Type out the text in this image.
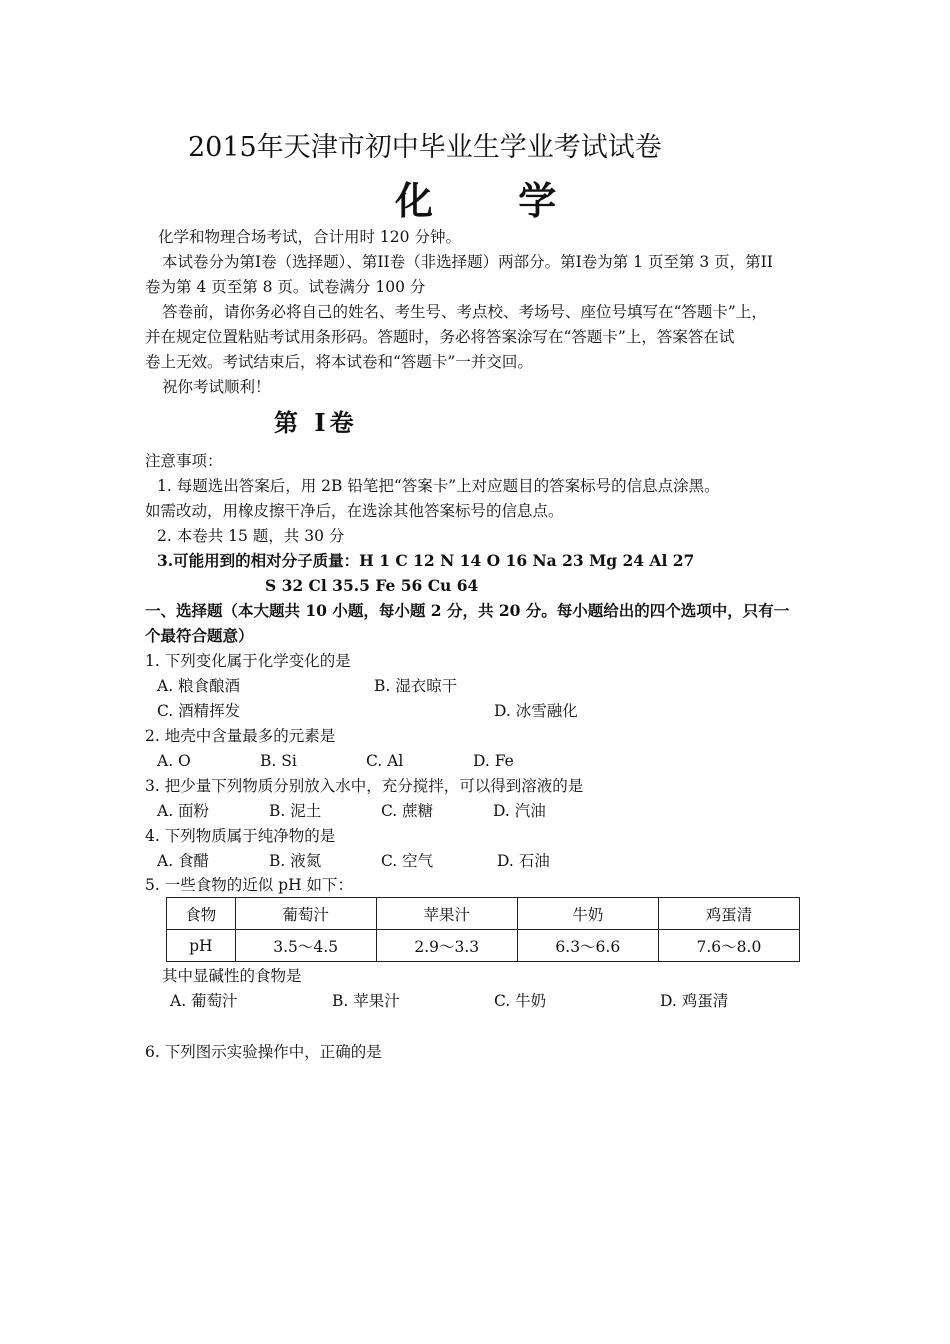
2015年天津市初中毕业生学业考试试卷
化 学
化学和物理合场考试，合计用时 120 分钟。
本试卷分为第I卷（选择题）、第II卷（非选择题）两部分。第I卷为第 1 页至第 3 页，第II
卷为第 4 页至第 8 页。试卷满分 100 分
答卷前，请你务必将自己的姓名、考生号、考点校、考场号、座位号填写在“答题卡”上，
并在规定位置粘贴考试用条形码。答题时，务必将答案涂写在“答题卡”上，答案答在试
卷上无效。考试结束后，将本试卷和“答题卡”一并交回。
祝你考试顺利！
第 I卷
注意事项：
1. 每题选出答案后，用 2B 铅笔把“答案卡”上对应题目的答案标号的信息点涂黑。
如需改动，用橡皮擦干净后，在选涂其他答案标号的信息点。
2. 本卷共 15 题，共 30 分
3.可能用到的相对分子质量：H 1 C 12 N 14 O 16 Na 23 Mg 24 Al 27
S 32 Cl 35.5 Fe 56 Cu 64
一、选择题（本大题共 10 小题，每小题 2 分，共 20 分。每小题给出的四个选项中，只有一
个最符合题意）
1. 下列变化属于化学变化的是
A. 粮食酿酒	B. 湿衣晾干
C. 酒精挥发	D. 冰雪融化
2. 地壳中含量最多的元素是
A. O	B. Si	C. Al	D. Fe
3. 把少量下列物质分别放入水中，充分搅拌，可以得到溶液的是
A. 面粉	B. 泥土	C. 蔗糖	D. 汽油
4. 下列物质属于纯净物的是
A. 食醋	B. 液氮	C. 空气	D. 石油
5. 一些食物的近似 pH 如下：
食物	葡萄汁	苹果汁	牛奶	鸡蛋清
pH	3.5～4.5	2.9～3.3	6.3～6.6	7.6～8.0
其中显碱性的食物是
A. 葡萄汁	B. 苹果汁	C. 牛奶	D. 鸡蛋清
6. 下列图示实验操作中，正确的是
